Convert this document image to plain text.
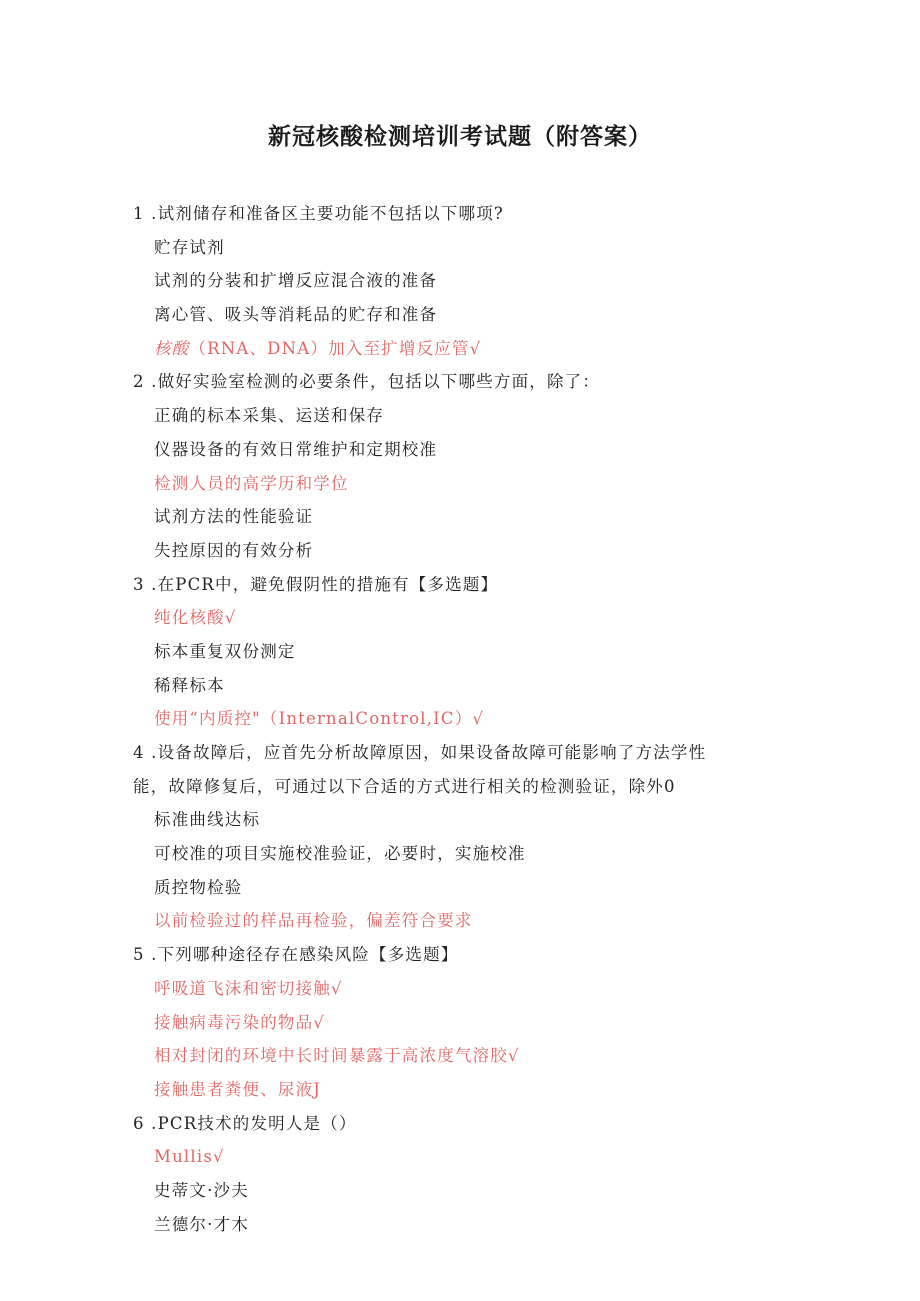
新冠核酸检测培训考试题（附答案）
1 .试剂储存和准备区主要功能不包括以下哪项?
贮存试剂
试剂的分装和扩增反应混合液的准备
离心管、吸头等消耗品的贮存和准备
核酸（RNA、DNA）加入至扩增反应管√
2 .做好实验室检测的必要条件，包括以下哪些方面，除了：
正确的标本采集、运送和保存
仪器设备的有效日常维护和定期校准
检测人员的高学历和学位
试剂方法的性能验证
失控原因的有效分析
3 .在PCR中，避免假阴性的措施有【多选题】
纯化核酸√
标本重复双份测定
稀释标本
使用“内质控"（InternalControl,IC）√
4 .设备故障后，应首先分析故障原因，如果设备故障可能影响了方法学性
能，故障修复后，可通过以下合适的方式进行相关的检测验证，除外0
标准曲线达标
可校准的项目实施校准验证，必要时，实施校准
质控物检验
以前检验过的样品再检验，偏差符合要求
5 .下列哪种途径存在感染风险【多选题】
呼吸道飞沫和密切接触√
接触病毒污染的物品√
相对封闭的环境中长时间暴露于高浓度气溶胶√
接触患者粪便、尿液J
6 .PCR技术的发明人是（）
Mullis√
史蒂文·沙夫
兰德尔·才木
